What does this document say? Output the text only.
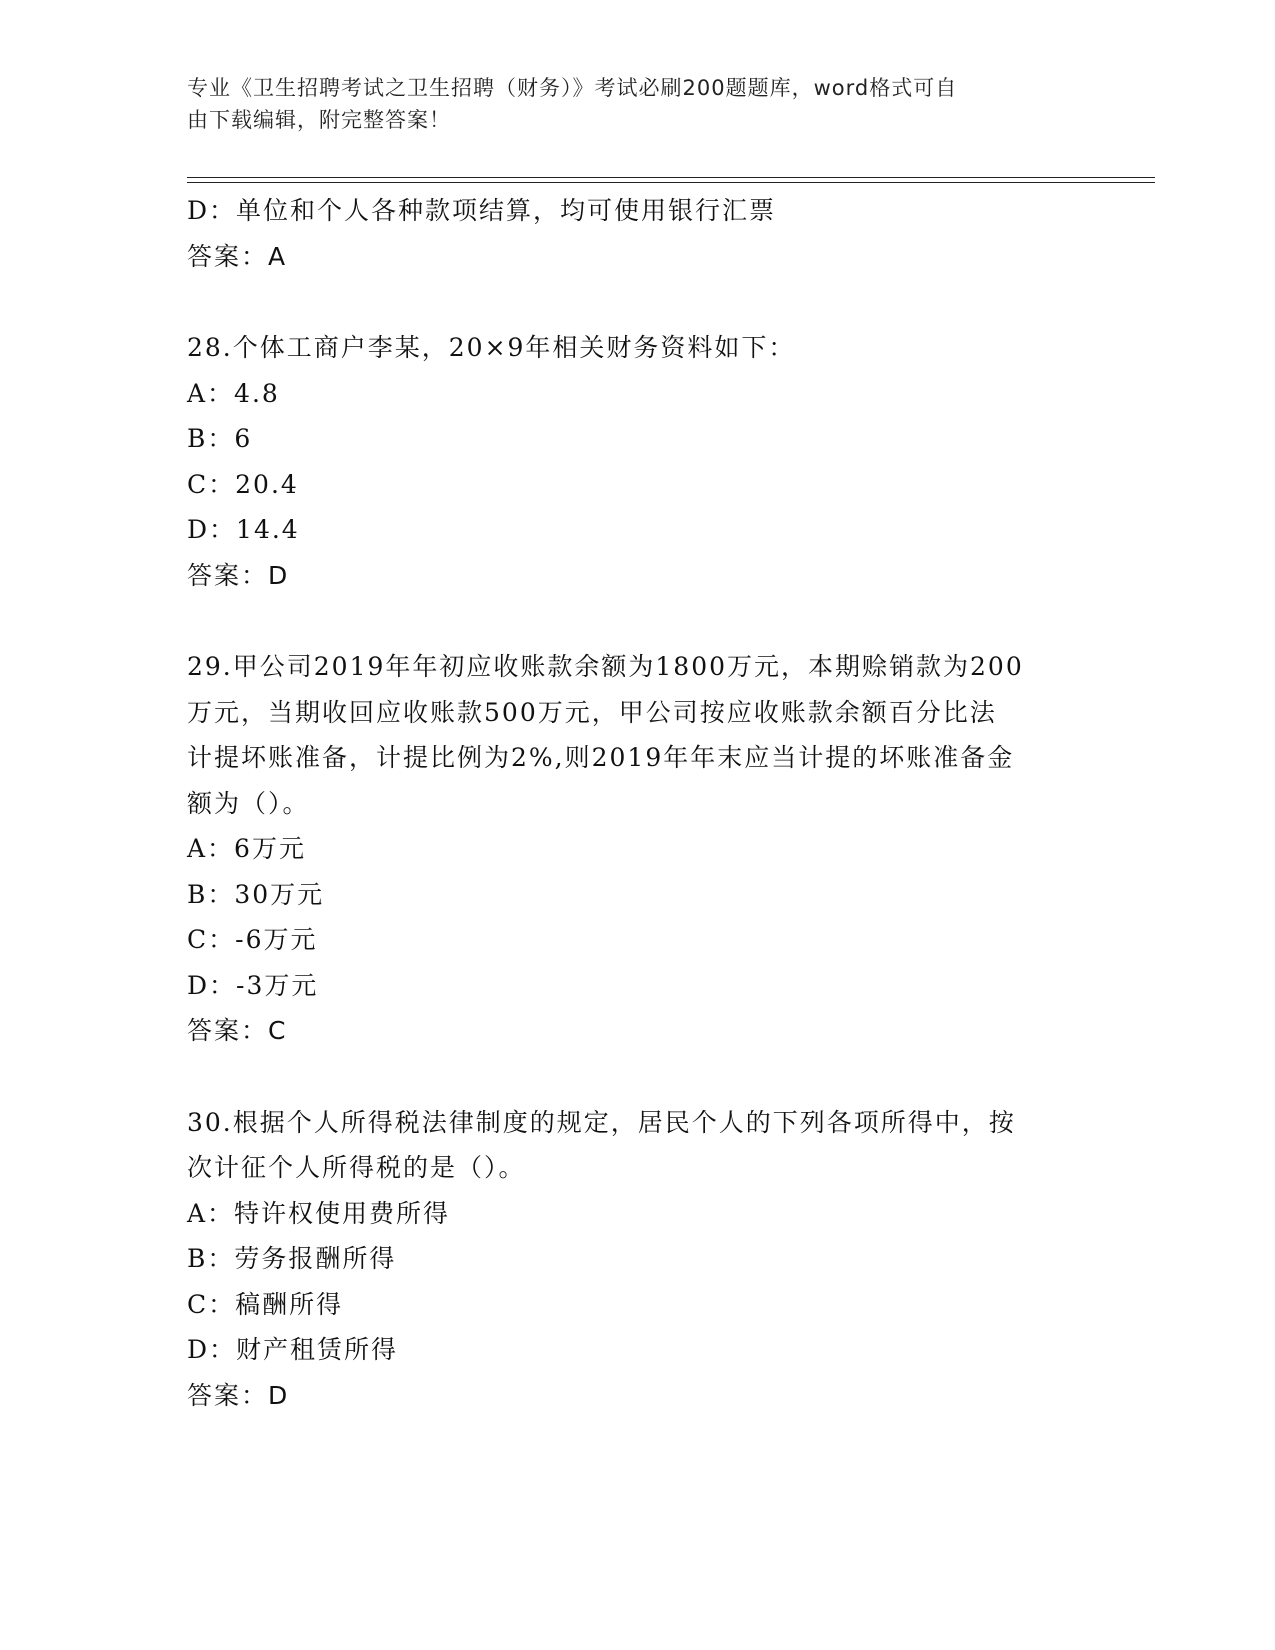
专业《卫生招聘考试之卫生招聘（财务）》考试必刷200题题库，word格式可自
由下载编辑，附完整答案！
D：单位和个人各种款项结算，均可使用银行汇票
答案：A
28.个体工商户李某，20×9年相关财务资料如下：
A：4.8
B：6
C：20.4
D：14.4
答案：D
29.甲公司2019年年初应收账款余额为1800万元，本期赊销款为200
万元，当期收回应收账款500万元，甲公司按应收账款余额百分比法
计提坏账准备，计提比例为2%,则2019年年末应当计提的坏账准备金
额为（）。
A：6万元
B：30万元
C：-6万元
D：-3万元
答案：C
30.根据个人所得税法律制度的规定，居民个人的下列各项所得中，按
次计征个人所得税的是（）。
A：特许权使用费所得
B：劳务报酬所得
C：稿酬所得
D：财产租赁所得
答案：D
